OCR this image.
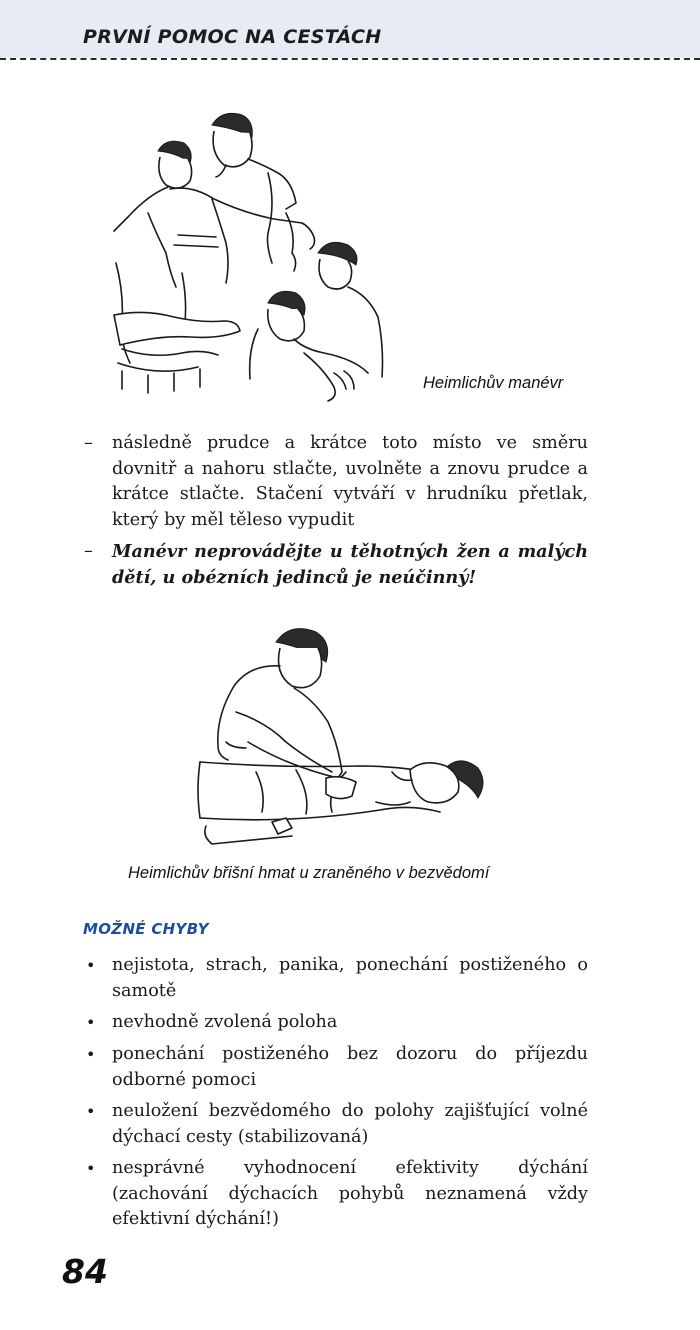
PRVNÍ POMOC NA CESTÁCH
Heimlichův manévr
–	následně prudce a krátce toto místo ve směru dovnitř a nahoru stlačte, uvolněte a znovu prudce a krátce stlačte. Stačení vytváří v hrudníku přetlak, který by měl těleso vypudit
–	Manévr neprovádějte u těhotných žen a malých dětí, u obézních jedinců je neúčinný!
Heimlichův břišní hmat u zraněného v bezvědomí
MOŽNÉ CHYBY
• nejistota, strach, panika, ponechání postiženého o samotě
• nevhodně zvolená poloha
• ponechání postiženého bez dozoru do příjezdu odborné pomoci
• neuložení bezvědomého do polohy zajišťující volné dýchací cesty (stabilizovaná)
• nesprávné vyhodnocení efektivity dýchání (zachování dýchacích pohybů neznamená vždy efektivní dýchání!)
84
